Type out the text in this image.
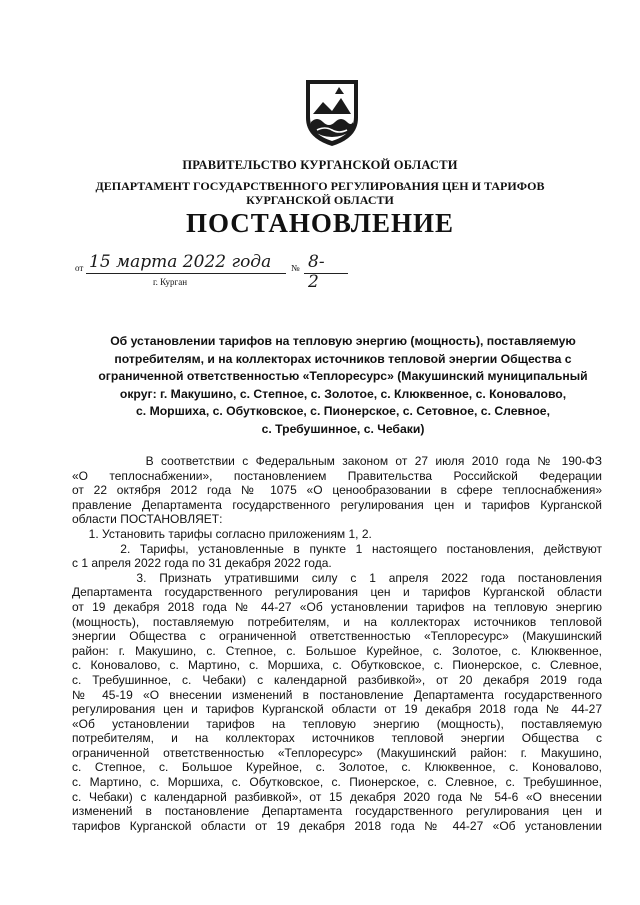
ПРАВИТЕЛЬСТВО КУРГАНСКОЙ ОБЛАСТИ
ДЕПАРТАМЕНТ ГОСУДАРСТВЕННОГО РЕГУЛИРОВАНИЯ ЦЕН И ТАРИФОВ
КУРГАНСКОЙ ОБЛАСТИ
ПОСТАНОВЛЕНИЕ
от 15 марта 2022 года № 8-2
г. Курган
Об установлении тарифов на тепловую энергию (мощность), поставляемую
потребителям, и на коллекторах источников тепловой энергии Общества с
ограниченной ответственностью «Теплоресурс» (Макушинский муниципальный
округ: г. Макушино, с. Степное, с. Золотое, с. Клюквенное, с. Коновалово,
с. Моршиха, с. Обутковское, с. Пионерское, с. Сетовное, с. Слевное,
с. Требушинное, с. Чебаки)
В соответствии с Федеральным законом от 27 июля 2010 года № 190-ФЗ
«О теплоснабжении», постановлением Правительства Российской Федерации
от 22 октября 2012 года № 1075 «О ценообразовании в сфере теплоснабжения»
правление Департамента государственного регулирования цен и тарифов Курганской
области ПОСТАНОВЛЯЕТ:
1. Установить тарифы согласно приложениям 1, 2.
2. Тарифы, установленные в пункте 1 настоящего постановления, действуют
с 1 апреля 2022 года по 31 декабря 2022 года.
3. Признать утратившими силу с 1 апреля 2022 года постановления
Департамента государственного регулирования цен и тарифов Курганской области
от 19 декабря 2018 года № 44-27 «Об установлении тарифов на тепловую энергию
(мощность), поставляемую потребителям, и на коллекторах источников тепловой
энергии Общества с ограниченной ответственностью «Теплоресурс» (Макушинский
район: г. Макушино, с. Степное, с. Большое Курейное, с. Золотое, с. Клюквенное,
с. Коновалово, с. Мартино, с. Моршиха, с. Обутковское, с. Пионерское, с. Слевное,
с. Требушинное, с. Чебаки) с календарной разбивкой», от 20 декабря 2019 года
№ 45-19 «О внесении изменений в постановление Департамента государственного
регулирования цен и тарифов Курганской области от 19 декабря 2018 года № 44-27
«Об установлении тарифов на тепловую энергию (мощность), поставляемую
потребителям, и на коллекторах источников тепловой энергии Общества с
ограниченной ответственностью «Теплоресурс» (Макушинский район: г. Макушино,
с. Степное, с. Большое Курейное, с. Золотое, с. Клюквенное, с. Коновалово,
с. Мартино, с. Моршиха, с. Обутковское, с. Пионерское, с. Слевное, с. Требушинное,
с. Чебаки) с календарной разбивкой», от 15 декабря 2020 года № 54-6 «О внесении
изменений в постановление Департамента государственного регулирования цен и
тарифов Курганской области от 19 декабря 2018 года № 44-27 «Об установлении
